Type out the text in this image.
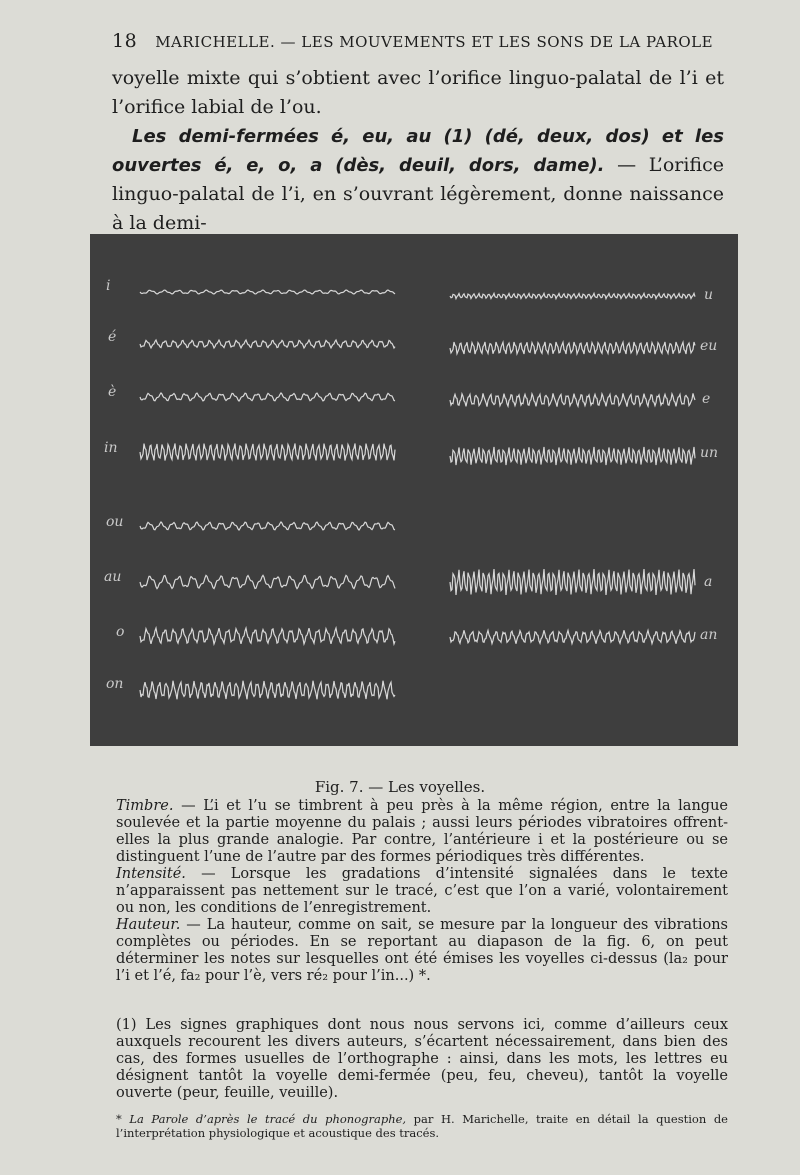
18 MARICHELLE. — LES MOUVEMENTS ET LES SONS DE LA PAROLE

voyelle mixte qui s’obtient avec l’orifice linguo-palatal de l’i et l’orifice labial de l’ou.

Les demi-fermées é, eu, au (1) (dé, deux, dos) et les ouvertes é, e, o, a (dès, deuil, dors, dame). — L’orifice linguo-palatal de l’i, en s’ouvrant légèrement, donne naissance à la demi-

i
é
è
in
ou
au
o
on
u
eu
e
un
a
an
Fig. 7. — Les voyelles.

Timbre. — L’i et l’u se timbrent à peu près à la même région, entre la langue soulevée et la partie moyenne du palais ; aussi leurs périodes vibratoires offrent-elles la plus grande analogie. Par contre, l’antérieure i et la postérieure ou se distinguent l’une de l’autre par des formes périodiques très différentes.

Intensité. — Lorsque les gradations d’intensité signalées dans le texte n’apparaissent pas nettement sur le tracé, c’est que l’on a varié, volontairement ou non, les conditions de l’enregistrement.

Hauteur. — La hauteur, comme on sait, se mesure par la longueur des vibrations complètes ou périodes. En se reportant au diapason de la fig. 6, on peut déterminer les notes sur lesquelles ont été émises les voyelles ci-dessus (la₂ pour l’i et l’é, fa₂ pour l’è, vers ré₂ pour l’in...) *.

(1) Les signes graphiques dont nous nous servons ici, comme d’ailleurs ceux auxquels recourent les divers auteurs, s’écartent nécessairement, dans bien des cas, des formes usuelles de l’orthographe : ainsi, dans les mots, les lettres eu désignent tantôt la voyelle demi-fermée (peu, feu, cheveu), tantôt la voyelle ouverte (peur, feuille, veuille).

* La Parole d’après le tracé du phonographe, par H. Marichelle, traite en détail la question de l’interprétation physiologique et acoustique des tracés.
